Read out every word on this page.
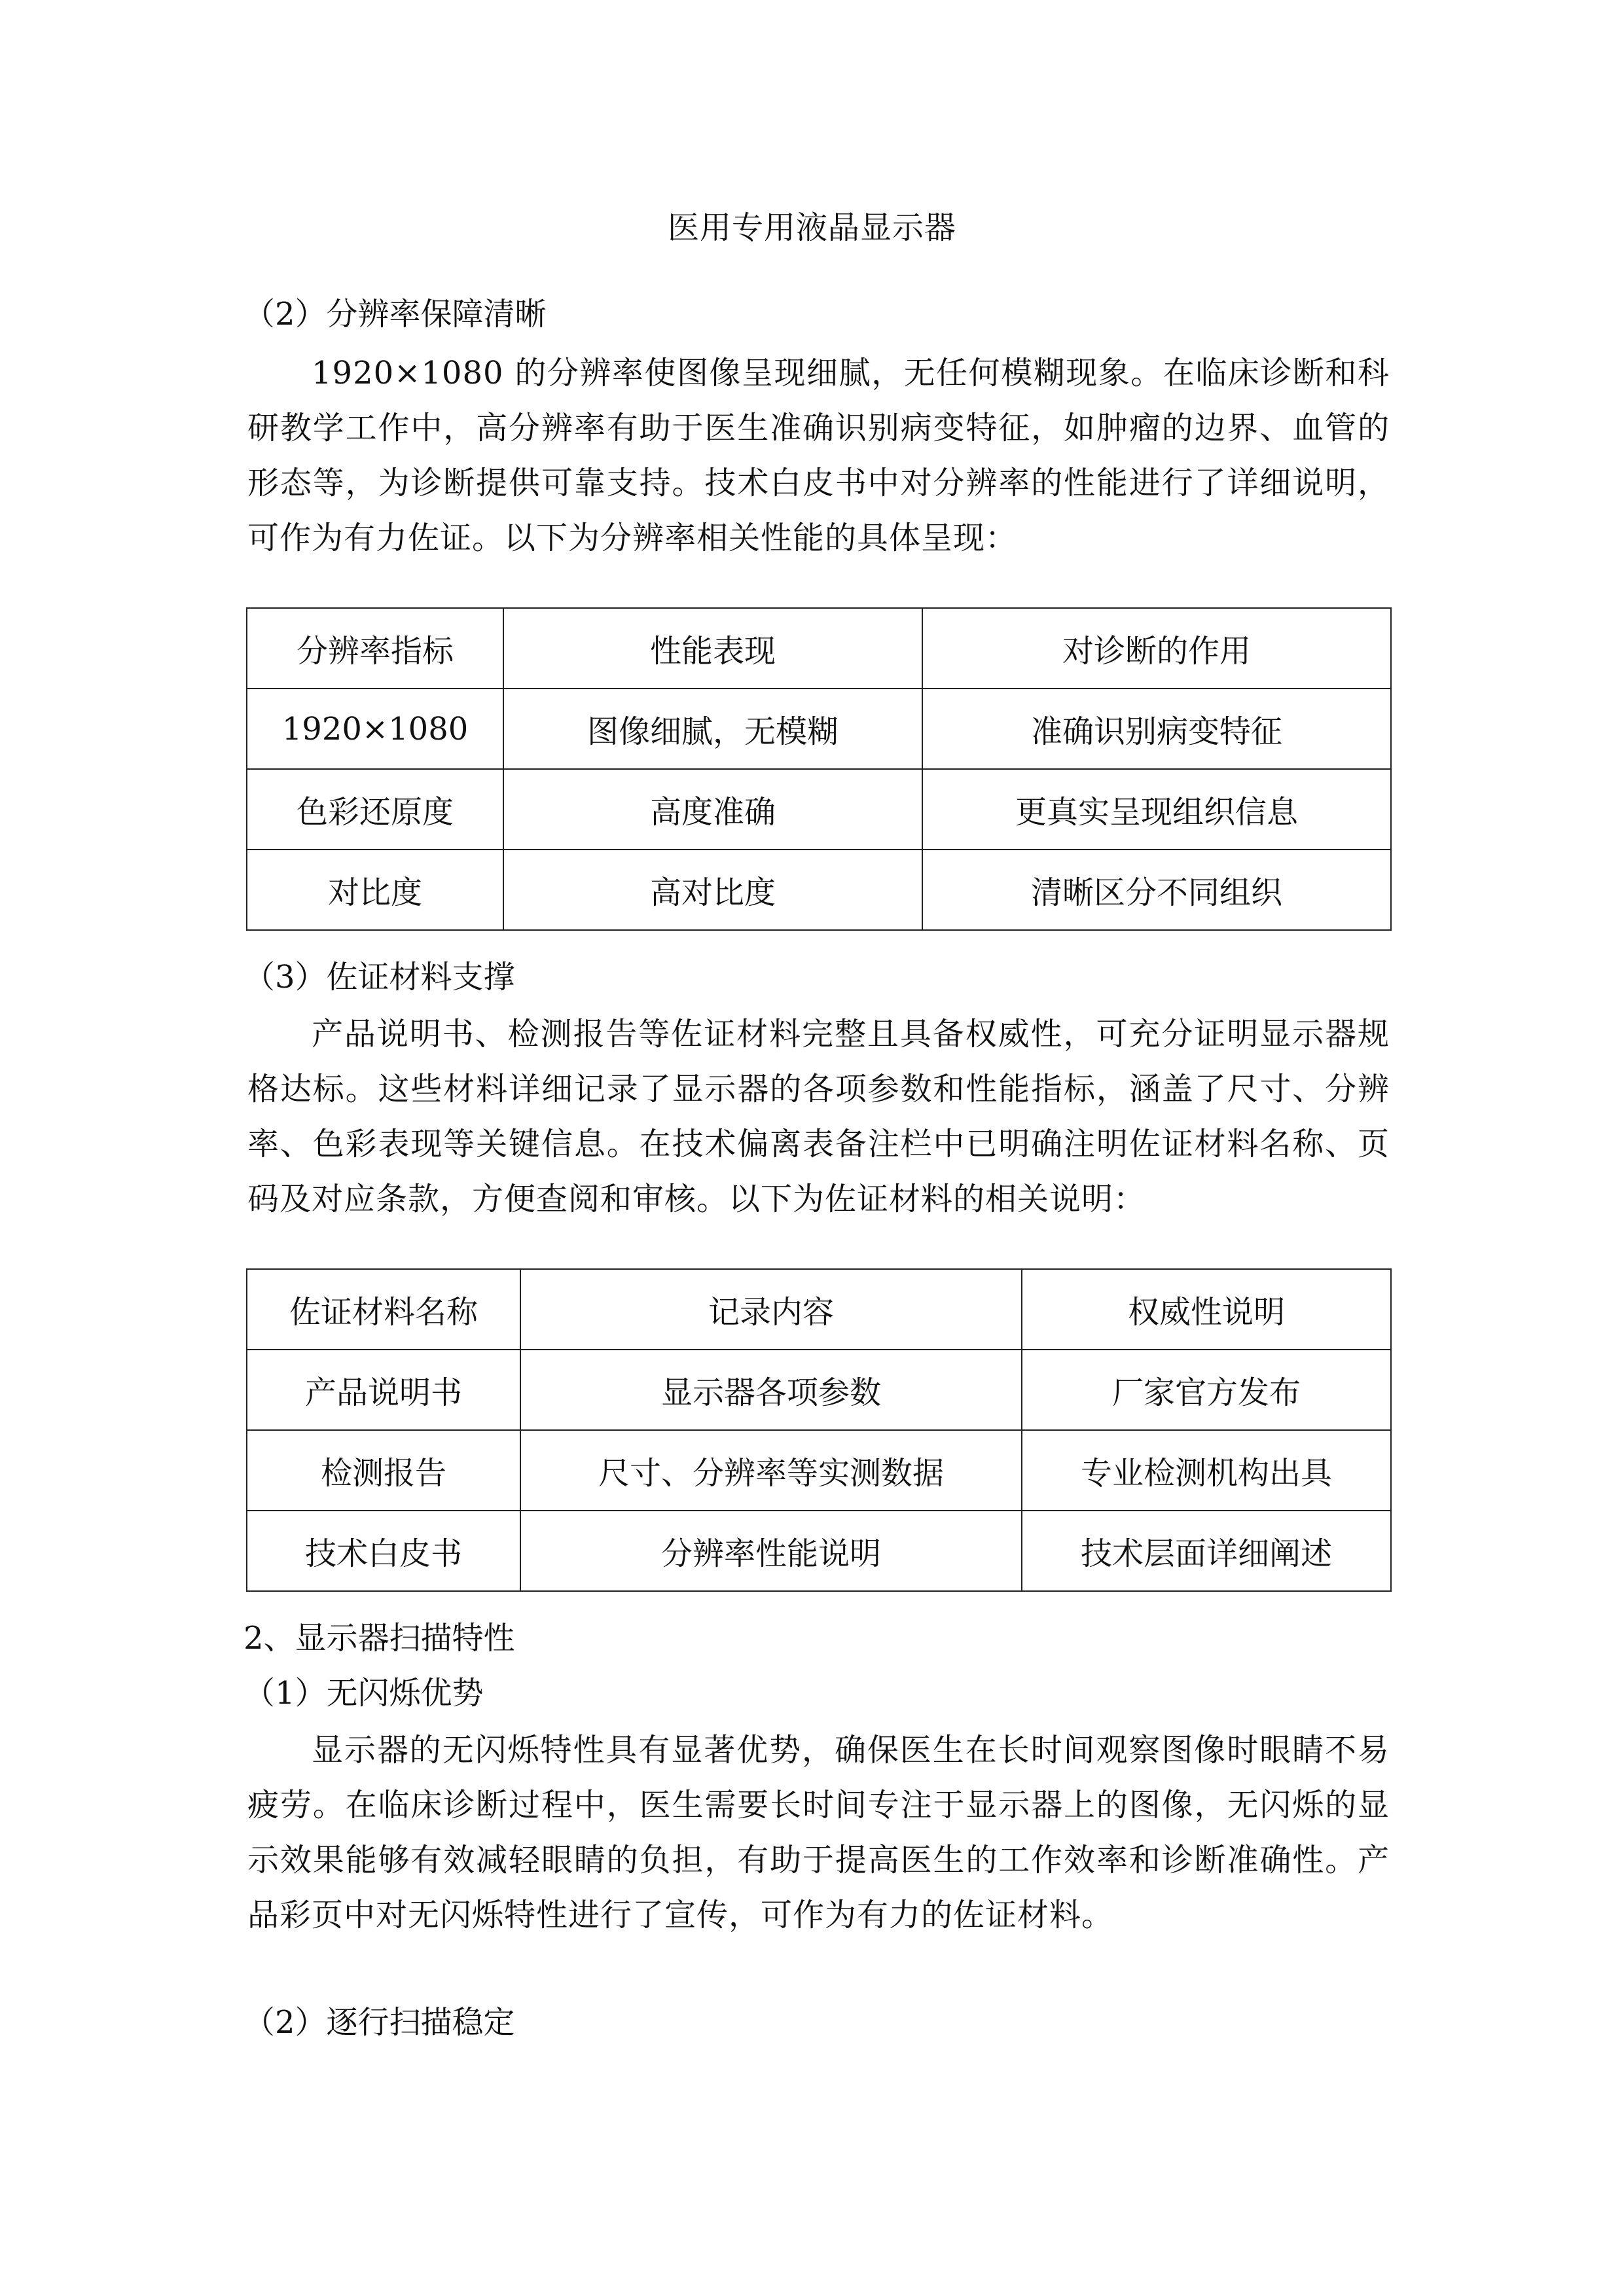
医用专用液晶显示器
（2）分辨率保障清晰
1920×1080 的分辨率使图像呈现细腻，无任何模糊现象。在临床诊断和科研教学工作中，高分辨率有助于医生准确识别病变特征，如肿瘤的边界、血管的形态等，为诊断提供可靠支持。技术白皮书中对分辨率的性能进行了详细说明，可作为有力佐证。以下为分辨率相关性能的具体呈现：
分辨率指标	性能表现	对诊断的作用
1920×1080	图像细腻，无模糊	准确识别病变特征
色彩还原度	高度准确	更真实呈现组织信息
对比度	高对比度	清晰区分不同组织
（3）佐证材料支撑
产品说明书、检测报告等佐证材料完整且具备权威性，可充分证明显示器规格达标。这些材料详细记录了显示器的各项参数和性能指标，涵盖了尺寸、分辨率、色彩表现等关键信息。在技术偏离表备注栏中已明确注明佐证材料名称、页码及对应条款，方便查阅和审核。以下为佐证材料的相关说明：
佐证材料名称	记录内容	权威性说明
产品说明书	显示器各项参数	厂家官方发布
检测报告	尺寸、分辨率等实测数据	专业检测机构出具
技术白皮书	分辨率性能说明	技术层面详细阐述
2、显示器扫描特性
（1）无闪烁优势
显示器的无闪烁特性具有显著优势，确保医生在长时间观察图像时眼睛不易疲劳。在临床诊断过程中，医生需要长时间专注于显示器上的图像，无闪烁的显示效果能够有效减轻眼睛的负担，有助于提高医生的工作效率和诊断准确性。产品彩页中对无闪烁特性进行了宣传，可作为有力的佐证材料。
（2）逐行扫描稳定
